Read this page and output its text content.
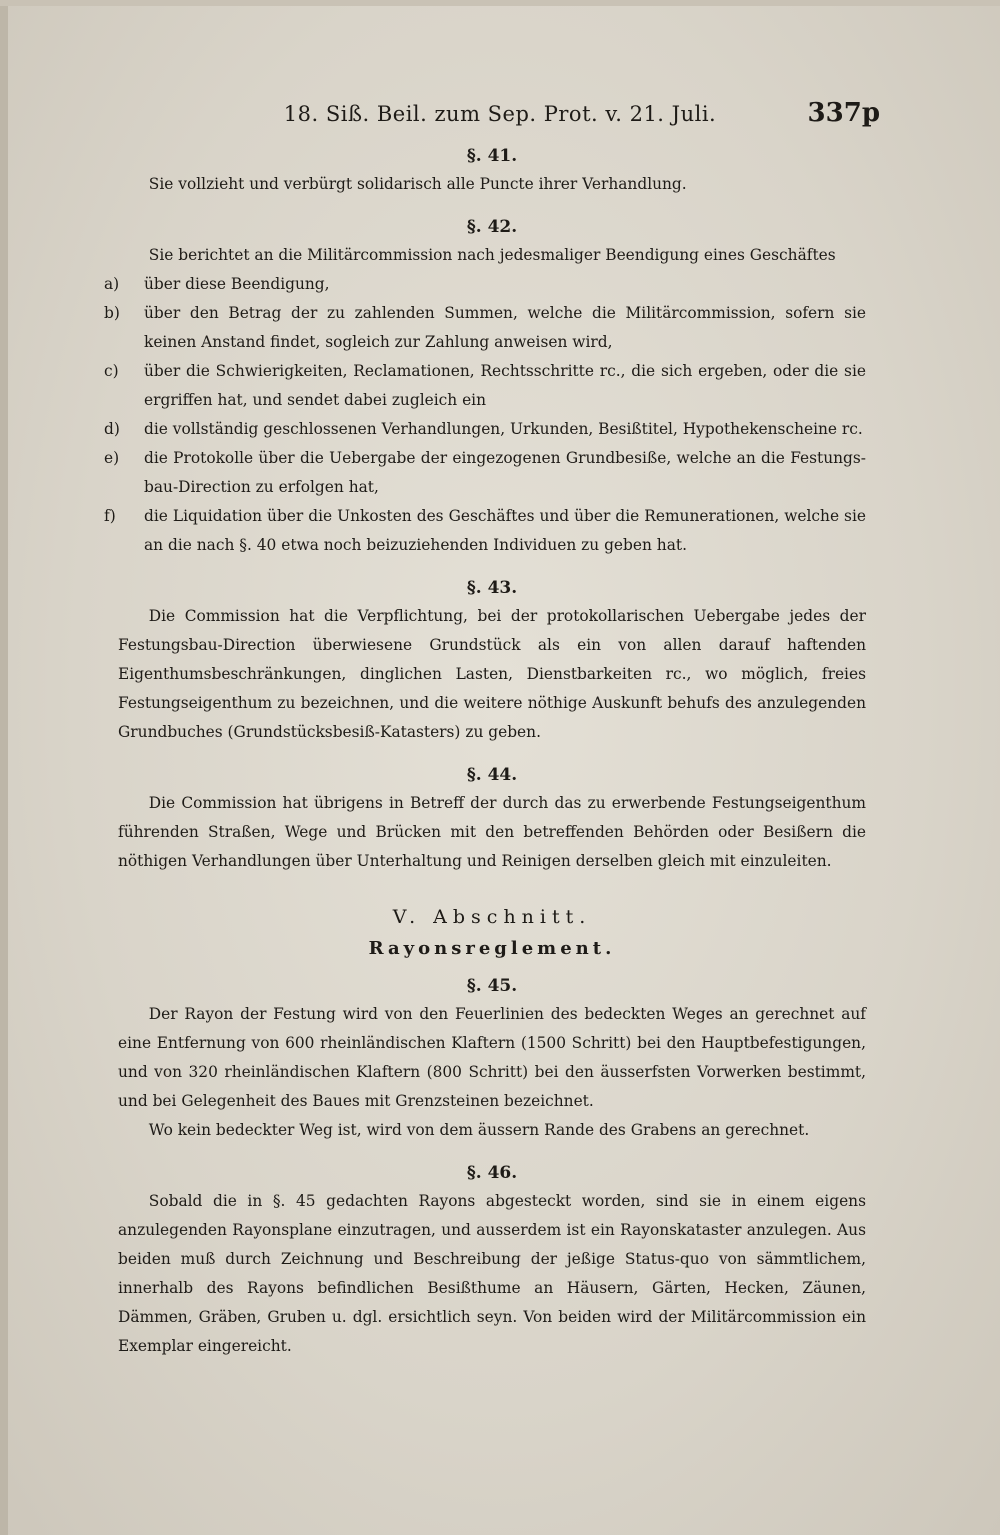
18. Siß. Beil. zum Sep. Prot. v. 21. Juli.	337p
§. 41.

Sie vollzieht und verbürgt solidarisch alle Puncte ihrer Verhandlung.

§. 42.

Sie berichtet an die Militärcommission nach jedesmaliger Beendigung eines Geschäftes

a)	über diese Beendigung,
b)	über den Betrag der zu zahlenden Summen, welche die Militärcommission, sofern sie keinen Anstand findet, sogleich zur Zahlung anweisen wird,
c)	über die Schwierigkeiten, Reclamationen, Rechtsschritte rc., die sich ergeben, oder die sie ergriffen hat, und sendet dabei zugleich ein
d)	die vollständig geschlossenen Verhandlungen, Urkunden, Besißtitel, Hypothekenscheine rc.
e)	die Protokolle über die Uebergabe der eingezogenen Grundbesiße, welche an die Festungs-bau-Direction zu erfolgen hat,
f)	die Liquidation über die Unkosten des Geschäftes und über die Remunerationen, welche sie an die nach §. 40 etwa noch beizuziehenden Individuen zu geben hat.
§. 43.

Die Commission hat die Verpflichtung, bei der protokollarischen Uebergabe jedes der Festungsbau-Direction überwiesene Grundstück als ein von allen darauf haftenden Eigenthumsbeschränkungen, dinglichen Lasten, Dienstbarkeiten rc., wo möglich, freies Festungseigenthum zu bezeichnen, und die weitere nöthige Auskunft behufs des anzulegenden Grundbuches (Grundstücksbesiß-Katasters) zu geben.

§. 44.

Die Commission hat übrigens in Betreff der durch das zu erwerbende Festungseigenthum führenden Straßen, Wege und Brücken mit den betreffenden Behörden oder Besißern die nöthigen Verhandlungen über Unterhaltung und Reinigen derselben gleich mit einzuleiten.

V. Abschnitt.
Rayonsreglement.
§. 45.

Der Rayon der Festung wird von den Feuerlinien des bedeckten Weges an gerechnet auf eine Entfernung von 600 rheinländischen Klaftern (1500 Schritt) bei den Hauptbefestigungen, und von 320 rheinländischen Klaftern (800 Schritt) bei den äusserfsten Vorwerken bestimmt, und bei Gelegenheit des Baues mit Grenzsteinen bezeichnet.

Wo kein bedeckter Weg ist, wird von dem äussern Rande des Grabens an gerechnet.

§. 46.

Sobald die in §. 45 gedachten Rayons abgesteckt worden, sind sie in einem eigens anzulegenden Rayonsplane einzutragen, und ausserdem ist ein Rayonskataster anzulegen. Aus beiden muß durch Zeichnung und Beschreibung der jeßige Status-quo von sämmtlichem, innerhalb des Rayons befindlichen Besißthume an Häusern, Gärten, Hecken, Zäunen, Dämmen, Gräben, Gruben u. dgl. ersichtlich seyn. Von beiden wird der Militärcommission ein Exemplar eingereicht.
